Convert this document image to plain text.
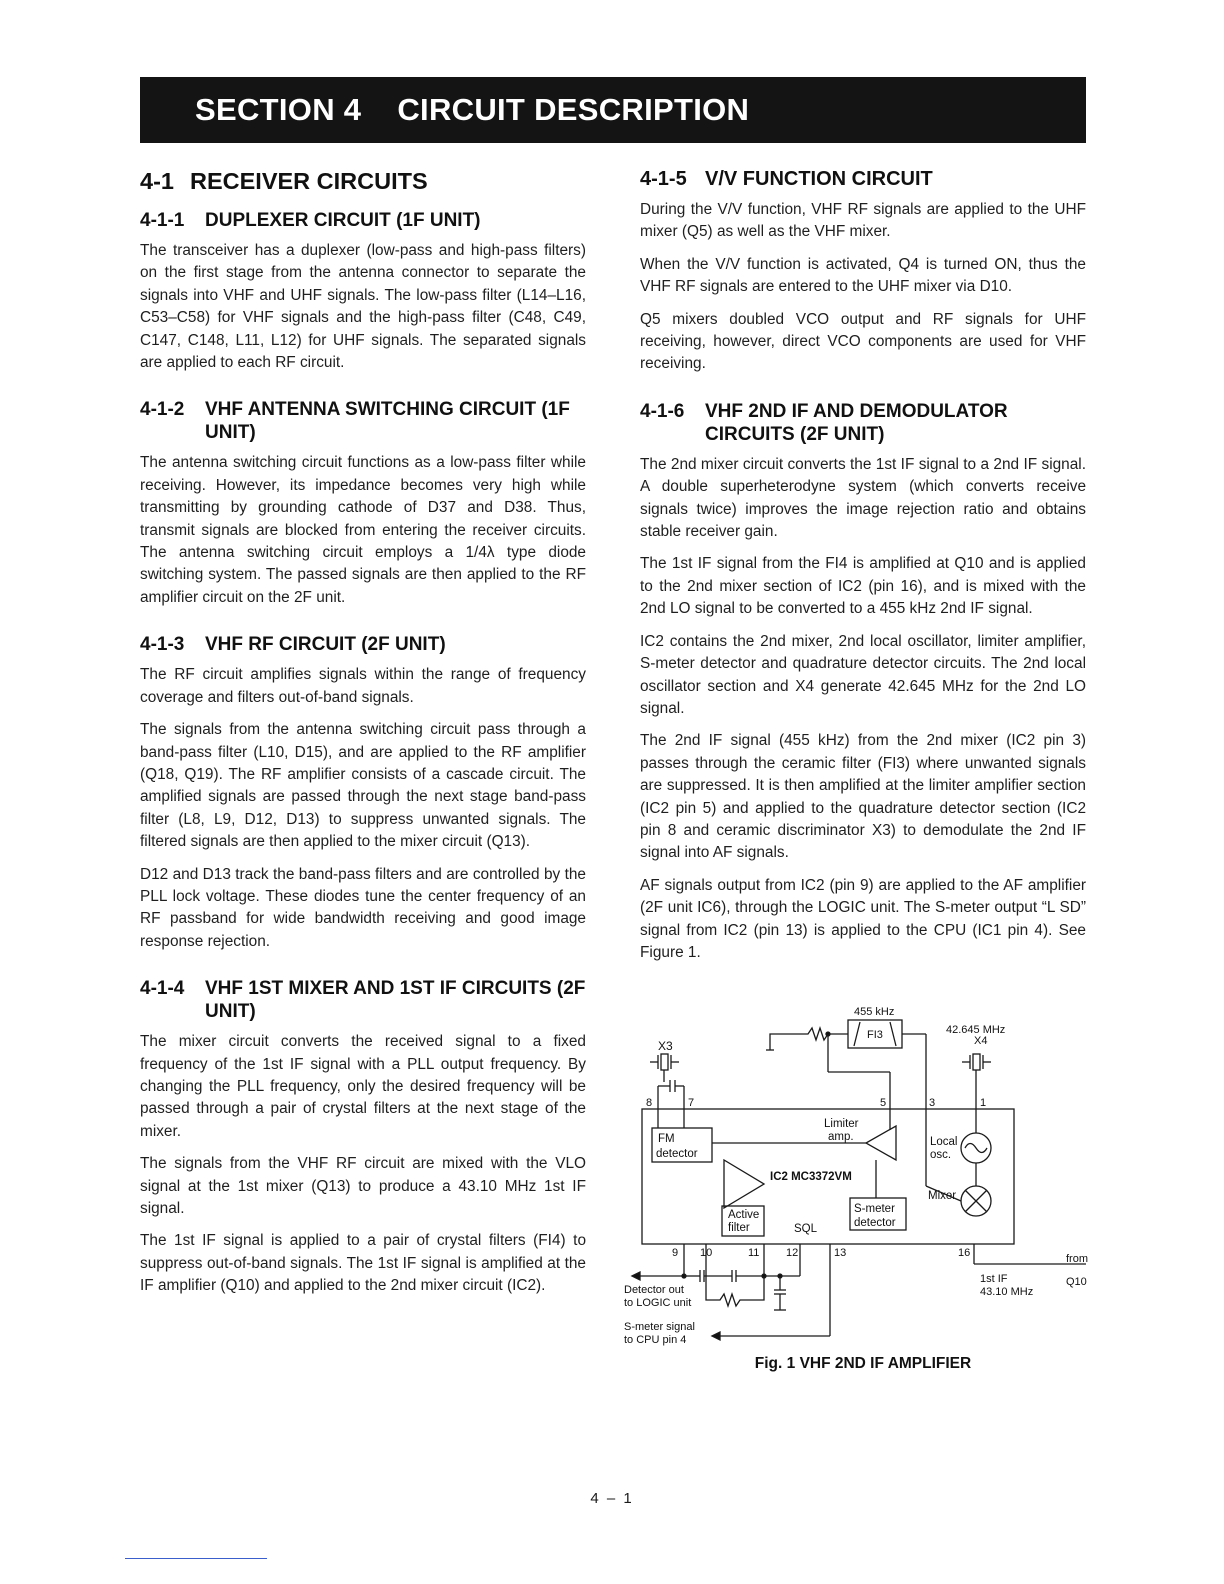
SECTION 4 CIRCUIT DESCRIPTION
4-1 RECEIVER CIRCUITS
4-1-1	DUPLEXER CIRCUIT (1F UNIT)

The transceiver has a duplexer (low-pass and high-pass filters) on the first stage from the antenna connector to separate the signals into VHF and UHF signals. The low-pass filter (L14–L16, C53–C58) for VHF signals and the high-pass filter (C48, C49, C147, C148, L11, L12) for UHF signals. The separated signals are applied to each RF circuit.

4-1-2	VHF ANTENNA SWITCHING CIRCUIT (1F UNIT)

The antenna switching circuit functions as a low-pass filter while receiving. However, its impedance becomes very high while transmitting by grounding cathode of D37 and D38. Thus, transmit signals are blocked from entering the receiver circuits. The antenna switching circuit employs a 1/4λ type diode switching system. The passed signals are then applied to the RF amplifier circuit on the 2F unit.

4-1-3	VHF RF CIRCUIT (2F UNIT)

The RF circuit amplifies signals within the range of frequency coverage and filters out-of-band signals.

The signals from the antenna switching circuit pass through a band-pass filter (L10, D15), and are applied to the RF amplifier (Q18, Q19). The RF amplifier consists of a cascade circuit. The amplified signals are passed through the next stage band-pass filter (L8, L9, D12, D13) to suppress unwanted signals. The filtered signals are then applied to the mixer circuit (Q13).

D12 and D13 track the band-pass filters and are controlled by the PLL lock voltage. These diodes tune the center frequency of an RF passband for wide bandwidth receiving and good image response rejection.

4-1-4	VHF 1ST MIXER AND 1ST IF CIRCUITS (2F UNIT)

The mixer circuit converts the received signal to a fixed frequency of the 1st IF signal with a PLL output frequency. By changing the PLL frequency, only the desired frequency will be passed through a pair of crystal filters at the next stage of the mixer.

The signals from the VHF RF circuit are mixed with the VLO signal at the 1st mixer (Q13) to produce a 43.10 MHz 1st IF signal.

The 1st IF signal is applied to a pair of crystal filters (FI4) to suppress out-of-band signals. The 1st IF signal is amplified at the IF amplifier (Q10) and applied to the 2nd mixer circuit (IC2).

4-1-5 V/V FUNCTION CIRCUIT

During the V/V function, VHF RF signals are applied to the UHF mixer (Q5) as well as the VHF mixer.

When the V/V function is activated, Q4 is turned ON, thus the VHF RF signals are entered to the UHF mixer via D10.

Q5 mixers doubled VCO output and RF signals for UHF receiving, however, direct VCO components are used for VHF receiving.

4-1-6	VHF 2ND IF AND DEMODULATOR CIRCUITS (2F UNIT)

The 2nd mixer circuit converts the 1st IF signal to a 2nd IF signal. A double superheterodyne system (which converts receive signals twice) improves the image rejection ratio and obtains stable receiver gain.

The 1st IF signal from the FI4 is amplified at Q10 and is applied to the 2nd mixer section of IC2 (pin 16), and is mixed with the 2nd LO signal to be converted to a 455 kHz 2nd IF signal.

IC2 contains the 2nd mixer, 2nd local oscillator, limiter amplifier, S-meter detector and quadrature detector circuits. The 2nd local oscillator section and X4 generate 42.645 MHz for the 2nd LO signal.

The 2nd IF signal (455 kHz) from the 2nd mixer (IC2 pin 3) passes through the ceramic filter (FI3) where unwanted signals are suppressed. It is then amplified at the limiter amplifier section (IC2 pin 5) and applied to the quadrature detector section (IC2 pin 8 and ceramic discriminator X3) to demodulate the 2nd IF signal into AF signals.

AF signals output from IC2 (pin 9) are applied to the AF amplifier (2F unit IC6), through the LOGIC unit. The S-meter output “L SD” signal from IC2 (pin 13) is applied to the CPU (IC1 pin 4). See Figure 1.

455 kHz
42.645 MHz
X4
X3
FI3
8	7	5	3	1
FM
detector
Limiter
amp.	Local
osc.
Active
filter
IC2 MC3372VM
Mixer
S-meter
detector
SQL
9 10	11 12	13	16
Detector out
to LOGIC unit
S-meter signal
to CPU pin 4
1st IF
43.10 MHz
from
Q10
Fig. 1 VHF 2ND IF AMPLIFIER
4 – 1
